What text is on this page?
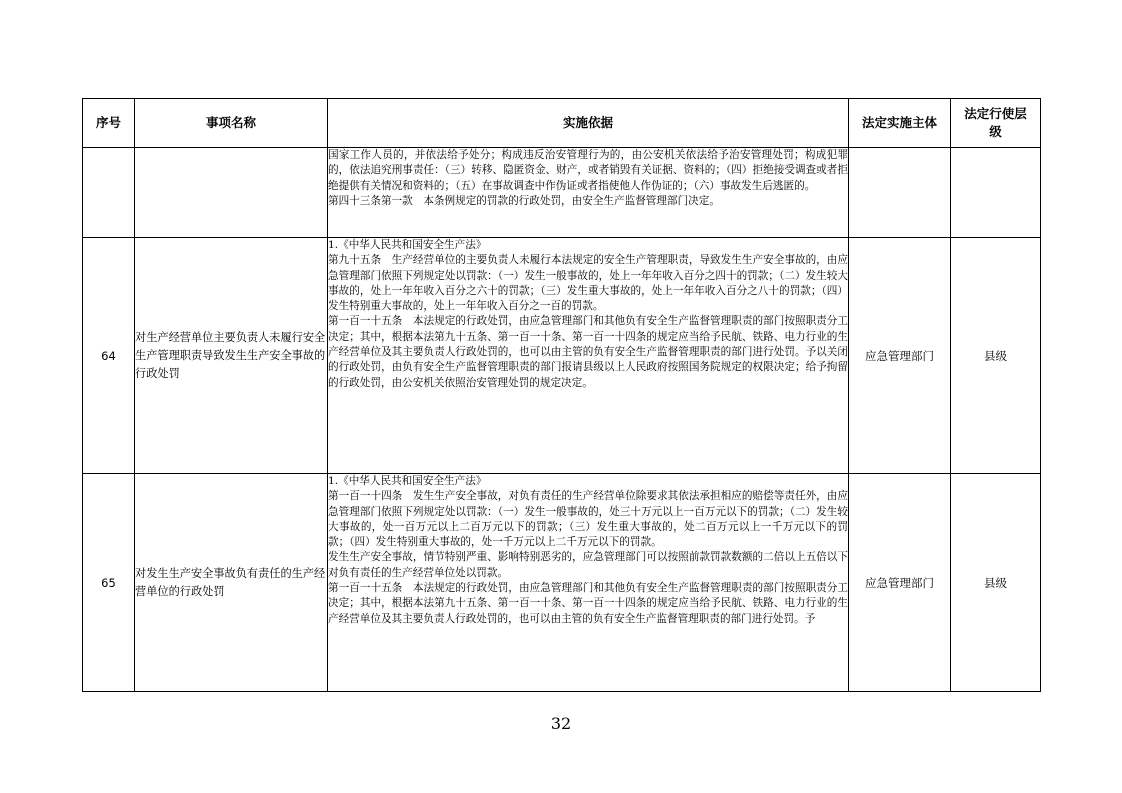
序号	事项名称	实施依据	法定实施主体	法定行使层
级

		国家工作人员的，并依法给予处分；构成违反治安管理行为的，由公安机关依法给予治安管理处罚；构成犯罪的，依法追究刑事责任：（三）转移、隐匿资金、财产，或者销毁有关证据、资料的；（四）拒绝接受调查或者拒绝提供有关情况和资料的；（五）在事故调查中作伪证或者指使他人作伪证的；（六）事故发生后逃匿的。

第四十三条第一款　本条例规定的罚款的行政处罚，由安全生产监督管理部门决定。		

64	对生产经营单位主要负责人未履行安全生产管理职责导致发生生产安全事故的行政处罚	1.《中华人民共和国安全生产法》

第九十五条　生产经营单位的主要负责人未履行本法规定的安全生产管理职责，导致发生生产安全事故的，由应急管理部门依照下列规定处以罚款：（一）发生一般事故的，处上一年年收入百分之四十的罚款；（二）发生较大事故的，处上一年年收入百分之六十的罚款；（三）发生重大事故的，处上一年年收入百分之八十的罚款；（四）发生特别重大事故的，处上一年年收入百分之一百的罚款。

第一百一十五条　本法规定的行政处罚，由应急管理部门和其他负有安全生产监督管理职责的部门按照职责分工决定；其中，根据本法第九十五条、第一百一十条、第一百一十四条的规定应当给予民航、铁路、电力行业的生产经营单位及其主要负责人行政处罚的，也可以由主管的负有安全生产监督管理职责的部门进行处罚。予以关闭的行政处罚，由负有安全生产监督管理职责的部门报请县级以上人民政府按照国务院规定的权限决定；给予拘留的行政处罚，由公安机关依照治安管理处罚的规定决定。	应急管理部门	县级
65	对发生生产安全事故负有责任的生产经营单位的行政处罚	1.《中华人民共和国安全生产法》

第一百一十四条　发生生产安全事故，对负有责任的生产经营单位除要求其依法承担相应的赔偿等责任外，由应急管理部门依照下列规定处以罚款：（一）发生一般事故的，处三十万元以上一百万元以下的罚款；（二）发生较大事故的，处一百万元以上二百万元以下的罚款；（三）发生重大事故的，处二百万元以上一千万元以下的罚款；（四）发生特别重大事故的，处一千万元以上二千万元以下的罚款。

发生生产安全事故，情节特别严重、影响特别恶劣的，应急管理部门可以按照前款罚款数额的二倍以上五倍以下对负有责任的生产经营单位处以罚款。

第一百一十五条　本法规定的行政处罚，由应急管理部门和其他负有安全生产监督管理职责的部门按照职责分工决定；其中，根据本法第九十五条、第一百一十条、第一百一十四条的规定应当给予民航、铁路、电力行业的生产经营单位及其主要负责人行政处罚的，也可以由主管的负有安全生产监督管理职责的部门进行处罚。予	应急管理部门	县级
32
